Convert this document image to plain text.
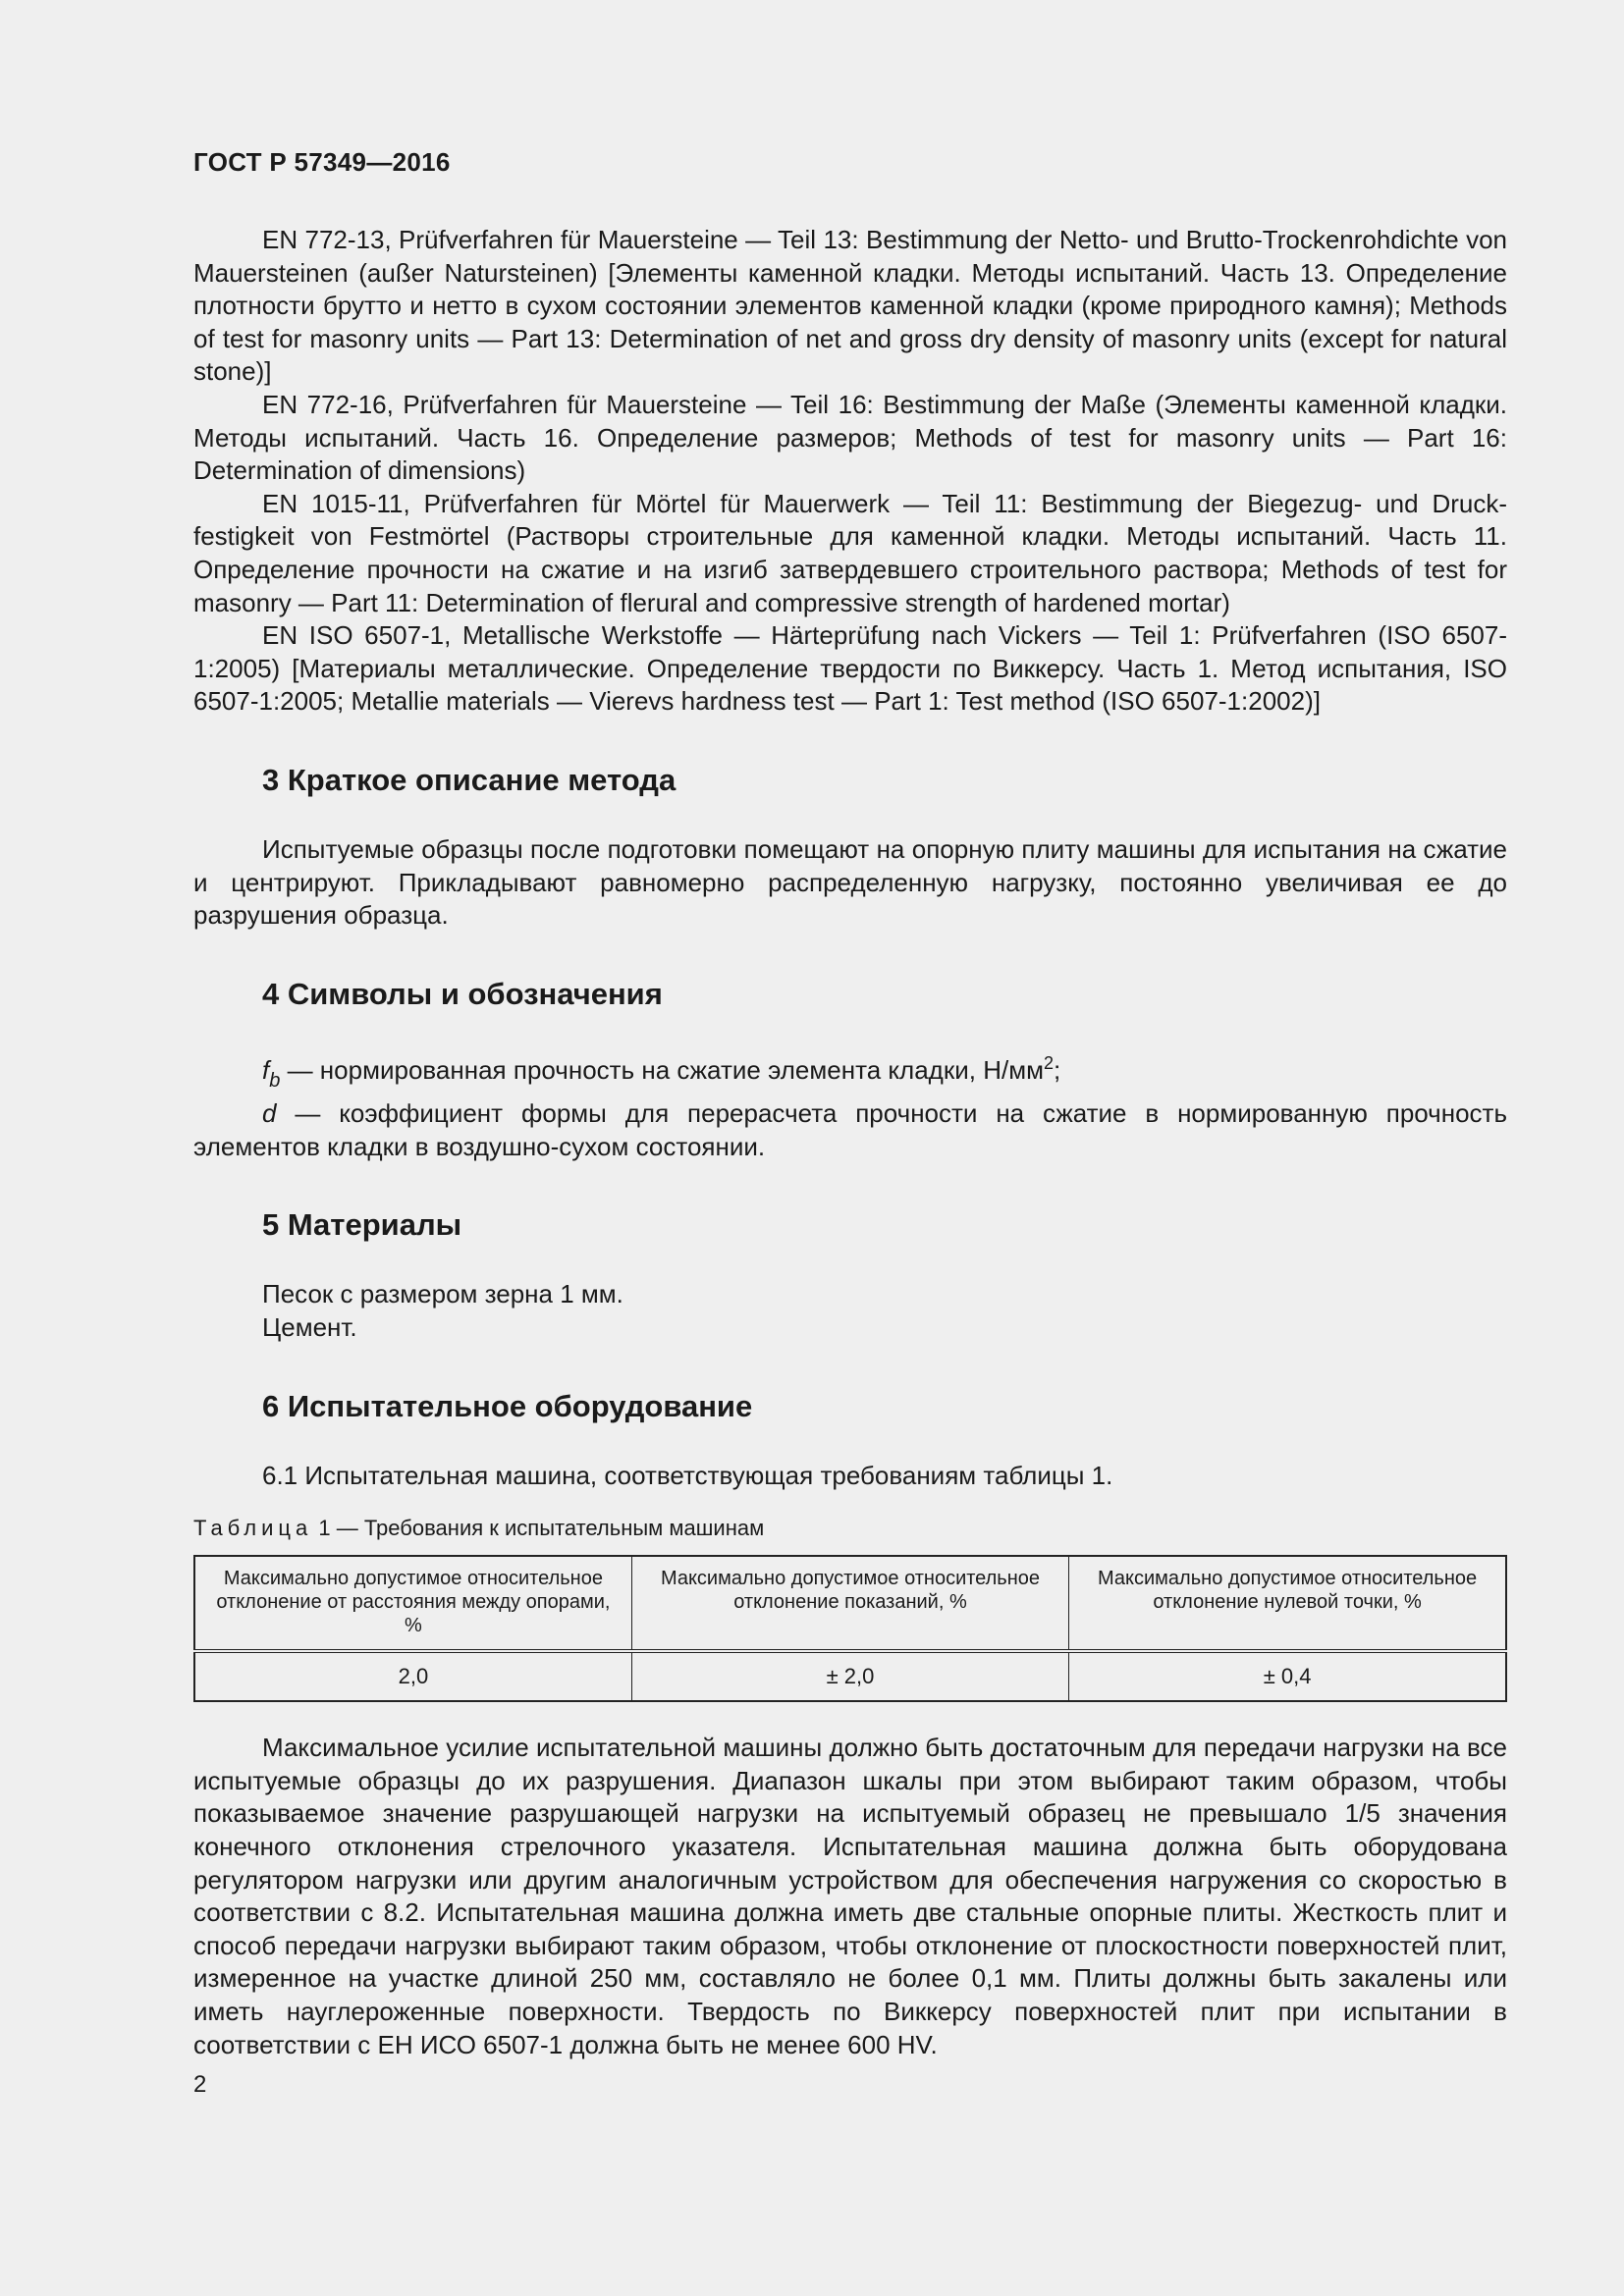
ГОСТ Р 57349—2016

EN 772-13, Prüfverfahren für Mauersteine — Teil 13: Bestimmung der Netto- und Brutto-Trockenrohdichte von Mauersteinen (außer Natursteinen) [Элементы каменной кладки. Методы испытаний. Часть 13. Определение плотности брутто и нетто в сухом состоянии элементов каменной кладки (кроме природного камня); Methods of test for masonry units — Part 13: Determination of net and gross dry density of masonry units (except for natural stone)]

EN 772-16, Prüfverfahren für Mauersteine — Teil 16: Bestimmung der Maße (Элементы каменной кладки. Методы испытаний. Часть 16. Определение размеров; Methods of test for masonry units — Part 16: Determination of dimensions)

EN 1015-11, Prüfverfahren für Mörtel für Mauerwerk — Teil 11: Bestimmung der Biegezug- und Druck-festigkeit von Festmörtel (Растворы строительные для каменной кладки. Методы испытаний. Часть 11. Определение прочности на сжатие и на изгиб затвердевшего строительного раствора; Methods of test for masonry — Part 11: Determination of flerural and compressive strength of hardened mortar)

EN ISO 6507-1, Metallische Werkstoffe — Härteprüfung nach Vickers — Teil 1: Prüfverfahren (ISO 6507-1:2005) [Материалы металлические. Определение твердости по Виккерсу. Часть 1. Метод испытания, ISO 6507-1:2005; Metallie materials — Vierevs hardness test — Part 1: Test method (ISO 6507-1:2002)]

3 Краткое описание метода

Испытуемые образцы после подготовки помещают на опорную плиту машины для испытания на сжатие и центрируют. Прикладывают равномерно распределенную нагрузку, постоянно увеличивая ее до разрушения образца.

4 Символы и обозначения

$f_b$ — нормированная прочность на сжатие элемента кладки, $Н/мм^2$;

d — коэффициент формы для перерасчета прочности на сжатие в нормированную прочность элементов кладки в воздушно-сухом состоянии.

5 Материалы

Песок с размером зерна 1 мм.

Цемент.

6 Испытательное оборудование

6.1 Испытательная машина, соответствующая требованиям таблицы 1.

Таблица 1 — Требования к испытательным машинам
Максимально допустимое относительное отклонение от расстояния между опорами, %	Максимально допустимое относительное отклонение показаний, %	Максимально допустимое относительное отклонение нулевой точки, %
2,0	± 2,0	± 0,4

Максимальное усилие испытательной машины должно быть достаточным для передачи нагрузки на все испытуемые образцы до их разрушения. Диапазон шкалы при этом выбирают таким образом, чтобы показываемое значение разрушающей нагрузки на испытуемый образец не превышало 1/5 значения конечного отклонения стрелочного указателя. Испытательная машина должна быть оборудована регулятором нагрузки или другим аналогичным устройством для обеспечения нагружения со скоростью в соответствии с 8.2. Испытательная машина должна иметь две стальные опорные плиты. Жесткость плит и способ передачи нагрузки выбирают таким образом, чтобы отклонение от плоскостности поверхностей плит, измеренное на участке длиной 250 мм, составляло не более 0,1 мм. Плиты должны быть закалены или иметь науглероженные поверхности. Твердость по Виккерсу поверхностей плит при испытании в соответствии с ЕН ИСО 6507-1 должна быть не менее 600 HV.

2
